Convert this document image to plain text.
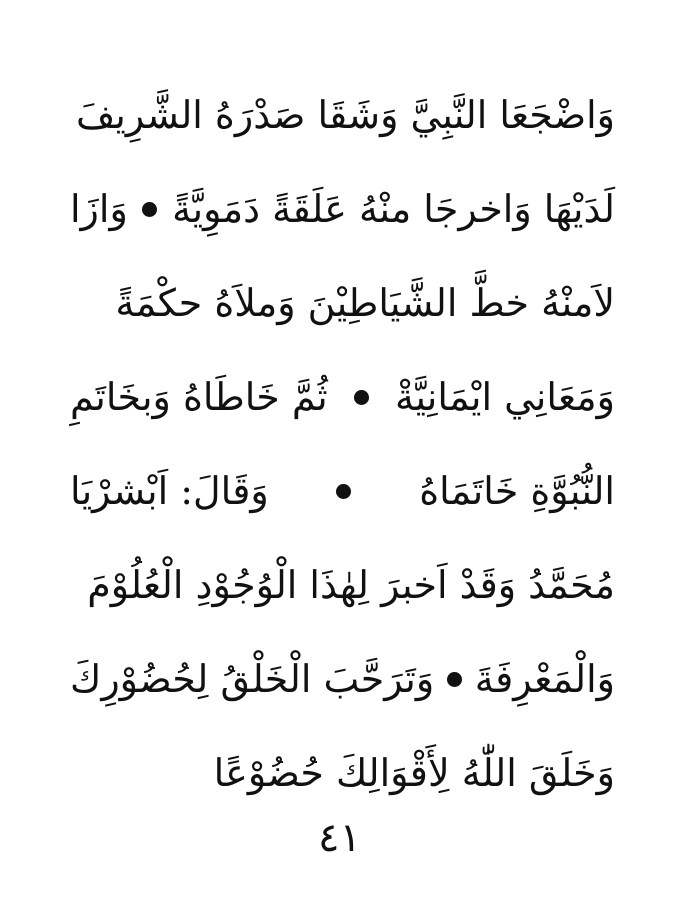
وَاضْجَعَا النَّبِيَّ وَشَقَا صَدْرَهُ الشَّرِيفَ
لَدَيْهَا وَاخرجَا منْهُ عَلَقَةً دَمَوِيَّةً
وَازَا
لاَمنْهُ خطَّ الشَّيَاطِيْنَ وَملاَهُ حكْمَةً
وَمَعَانِي ايْمَانِيَّةْ
ثُمَّ خَاطَاهُ وَبخَاتَمِ
النُّبُوَّةِ خَاتَمَاهُ
وَقَالَ: اَبْشرْيَا
مُحَمَّدُ وَقَدْ اَخبرَ لِهٰذَا الْوُجُوْدِ الْعُلُوْمَ
وَالْمَعْرِفَةَ
وَتَرَحَّبَ الْخَلْقُ لِحُضُوْرِكَ
وَخَلَقَ اللّٰهُ لِأَقْوَالِكَ حُضُوْعًا
٤١
